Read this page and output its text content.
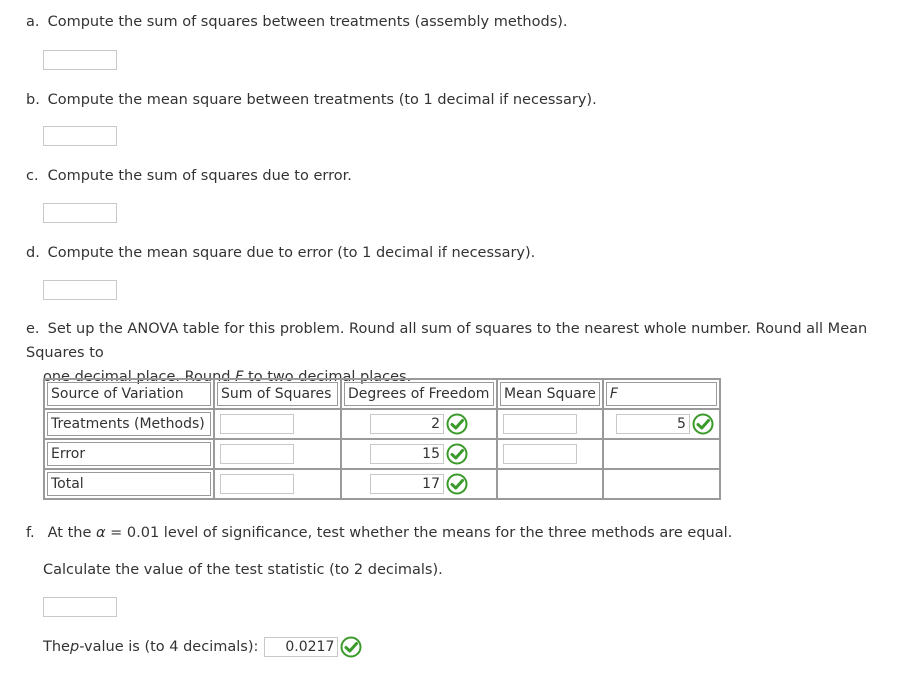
a. Compute the sum of squares between treatments (assembly methods).
b. Compute the mean square between treatments (to 1 decimal if necessary).
c. Compute the sum of squares due to error.
d. Compute the mean square due to error (to 1 decimal if necessary).
e. Set up the ANOVA table for this problem. Round all sum of squares to the nearest whole number. Round all Mean Squares to
one decimal place. Round F to two decimal places.
Source of Variation	Sum of Squares	Degrees of Freedom	Mean Square	F

Treatments (Methods)		2		5

Error		15		

Total		17		

f. At the α = 0.01 level of significance, test whether the means for the three methods are equal.
Calculate the value of the test statistic (to 2 decimals).
The p -value is (to 4 decimals):	0.0217
